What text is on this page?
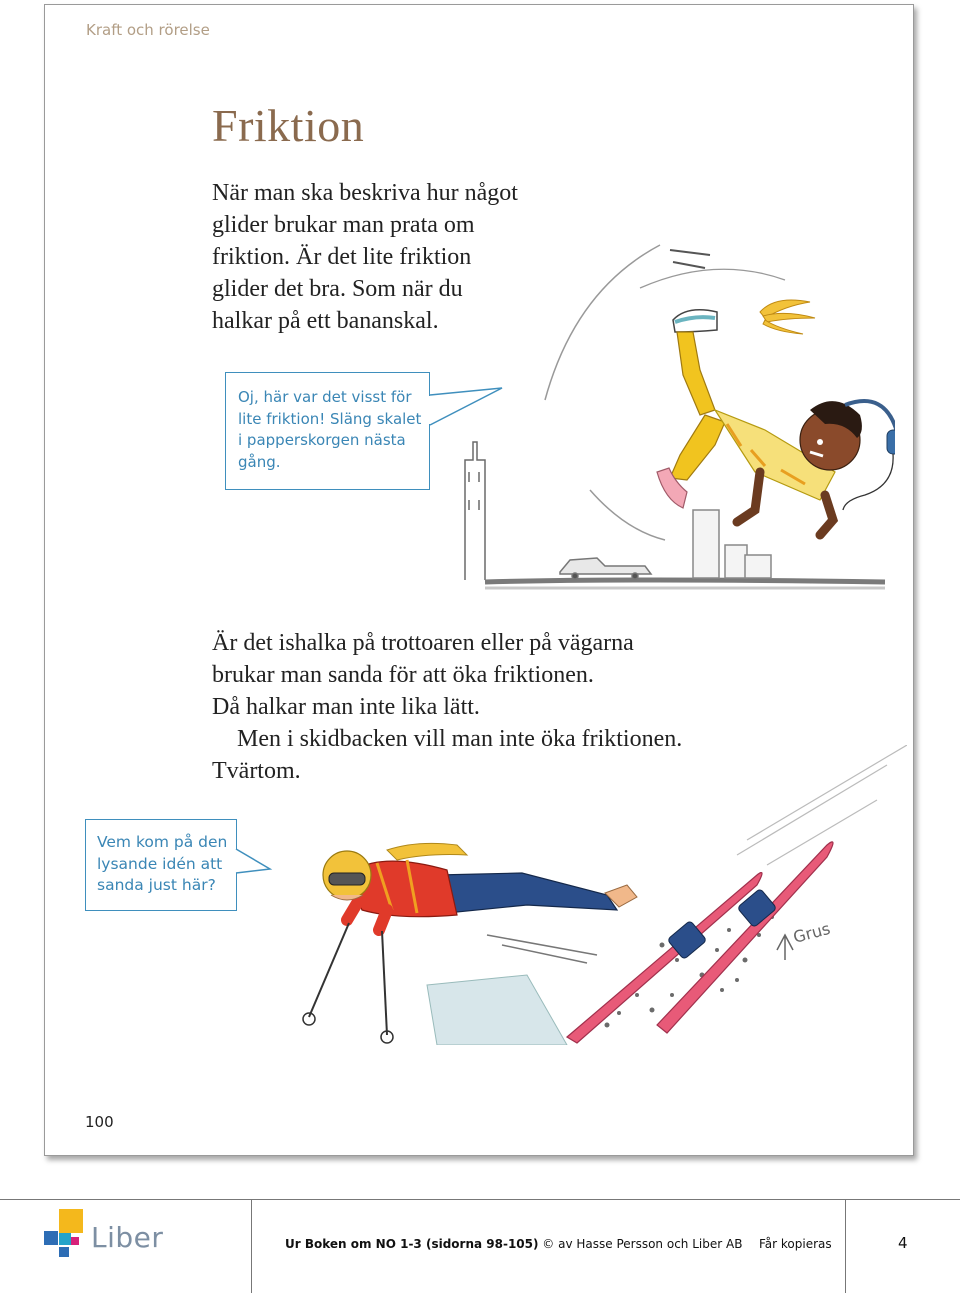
Kraft och rörelse
Friktion
När man ska beskriva hur något
glider brukar man prata om
friktion. Är det lite friktion
glider det bra. Som när du
halkar på ett bananskal.
Oj, här var det visst för
lite friktion! Släng skalet
i papperskorgen nästa
gång.
Är det ishalka på trottoaren eller på vägarna
brukar man sanda för att öka friktionen.
Då halkar man inte lika lätt.
Men i skidbacken vill man inte öka friktionen.
Tvärtom.
Grus
Vem kom på den
lysande idén att
sanda just här?
100
Liber	Ur Boken om NO 1-3 (sidorna 98-105) © av Hasse Persson och Liber AB Får kopieras	4
